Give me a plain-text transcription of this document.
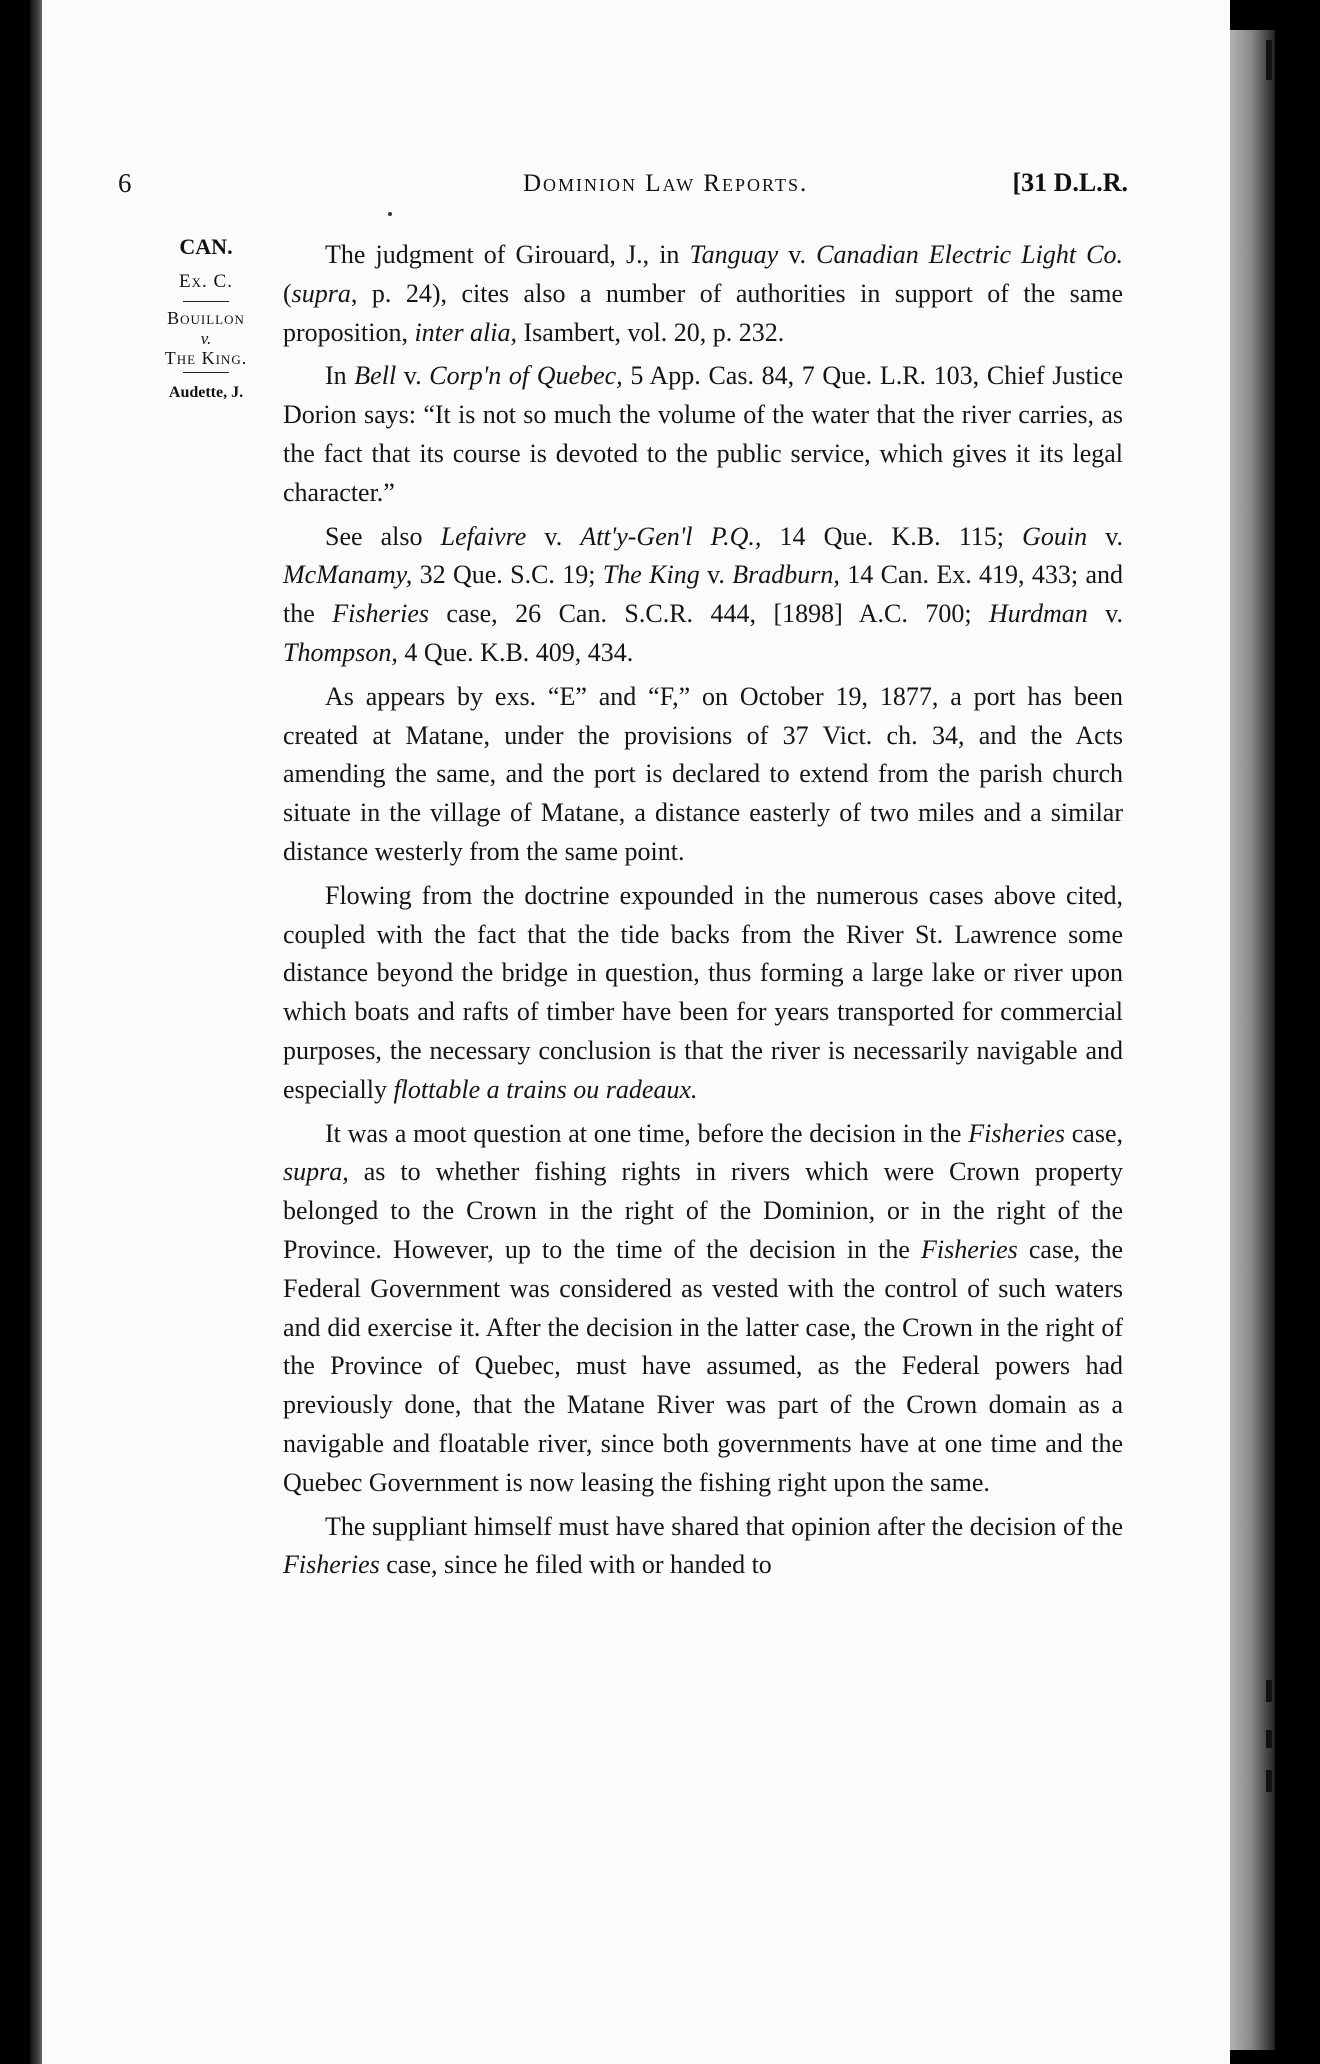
6	Dominion Law Reports.	[31 D.L.R.
CAN.
Ex. C.
Bouillon
v.
The King.
Audette, J.

The judgment of Girouard, J., in Tanguay v. Canadian Electric Light Co. (supra, p. 24), cites also a number of authorities in support of the same proposition, inter alia, Isambert, vol. 20, p. 232.

In Bell v. Corp'n of Quebec, 5 App. Cas. 84, 7 Que. L.R. 103, Chief Justice Dorion says: “It is not so much the volume of the water that the river carries, as the fact that its course is devoted to the public service, which gives it its legal character.”

See also Lefaivre v. Att'y-Gen'l P.Q., 14 Que. K.B. 115; Gouin v. McManamy, 32 Que. S.C. 19; The King v. Bradburn, 14 Can. Ex. 419, 433; and the Fisheries case, 26 Can. S.C.R. 444, [1898] A.C. 700; Hurdman v. Thompson, 4 Que. K.B. 409, 434.

As appears by exs. “E” and “F,” on October 19, 1877, a port has been created at Matane, under the provisions of 37 Vict. ch. 34, and the Acts amending the same, and the port is declared to extend from the parish church situate in the village of Matane, a distance easterly of two miles and a similar distance westerly from the same point.

Flowing from the doctrine expounded in the numerous cases above cited, coupled with the fact that the tide backs from the River St. Lawrence some distance beyond the bridge in question, thus forming a large lake or river upon which boats and rafts of timber have been for years transported for commercial purposes, the necessary conclusion is that the river is necessarily navigable and especially flottable a trains ou radeaux.

It was a moot question at one time, before the decision in the Fisheries case, supra, as to whether fishing rights in rivers which were Crown property belonged to the Crown in the right of the Dominion, or in the right of the Province. However, up to the time of the decision in the Fisheries case, the Federal Government was considered as vested with the control of such waters and did exercise it. After the decision in the latter case, the Crown in the right of the Province of Quebec, must have assumed, as the Federal powers had previously done, that the Matane River was part of the Crown domain as a navigable and floatable river, since both governments have at one time and the Quebec Government is now leasing the fishing right upon the same.

The suppliant himself must have shared that opinion after the decision of the Fisheries case, since he filed with or handed to
